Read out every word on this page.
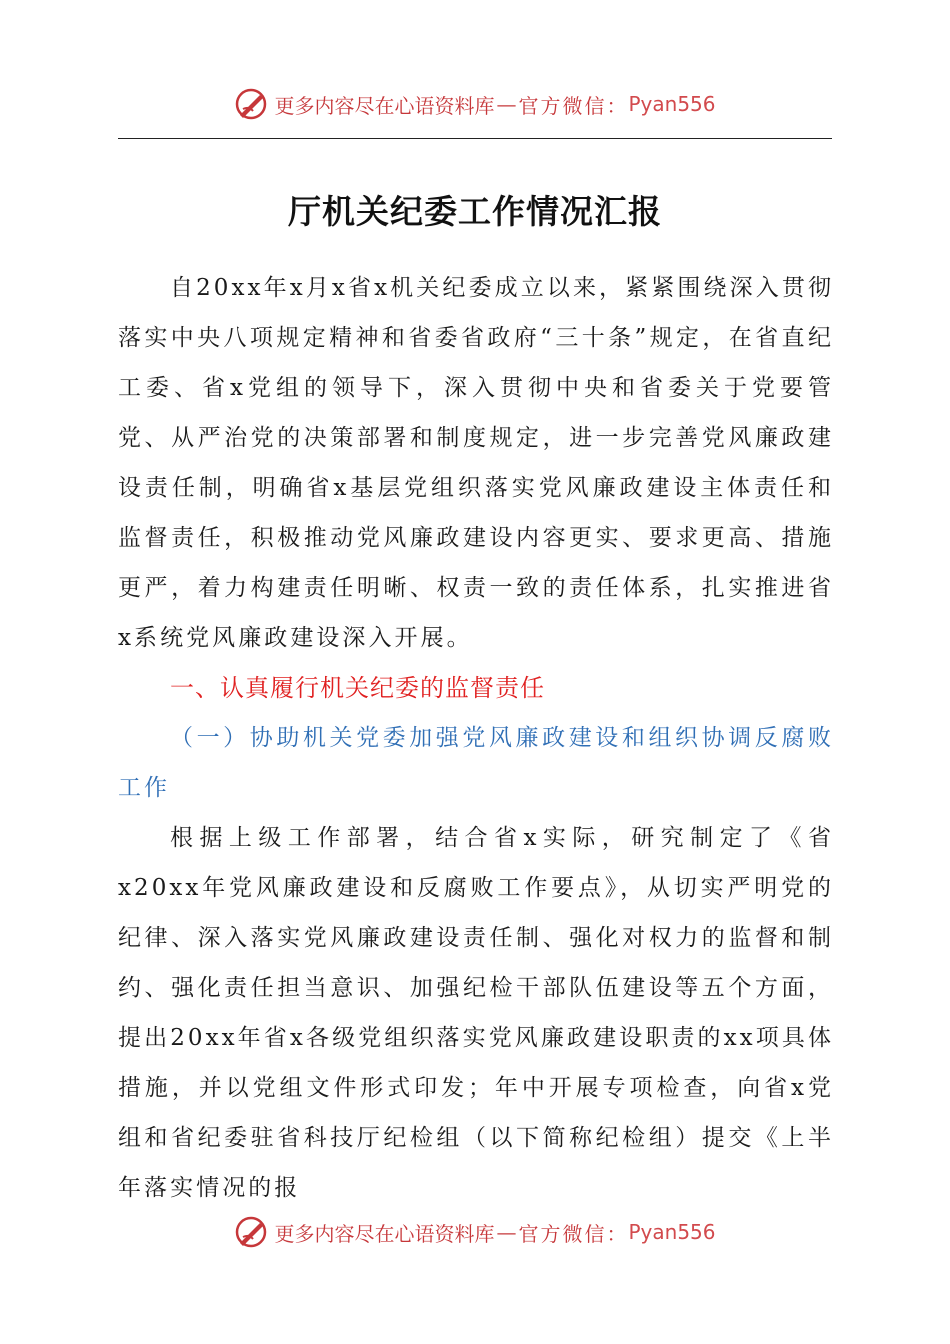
更多内容尽在心语资料库 — 官方微信： Pyan556
厅机关纪委工作情况汇报

自20xx年x月x省x机关纪委成立以来，紧紧围绕深入贯彻落实中央八项规定精神和省委省政府“三十条”规定，在省直纪工委、省x党组的领导下，深入贯彻中央和省委关于党要管党、从严治党的决策部署和制度规定，进一步完善党风廉政建设责任制，明确省x基层党组织落实党风廉政建设主体责任和监督责任，积极推动党风廉政建设内容更实、要求更高、措施更严，着力构建责任明晰、权责一致的责任体系，扎实推进省x系统党风廉政建设深入开展。

一、认真履行机关纪委的监督责任

（一）协助机关党委加强党风廉政建设和组织协调反腐败工作

根据上级工作部署，结合省x实际，研究制定了《省x20xx年党风廉政建设和反腐败工作要点》，从切实严明党的纪律、深入落实党风廉政建设责任制、强化对权力的监督和制约、强化责任担当意识、加强纪检干部队伍建设等五个方面，提出20xx年省x各级党组织落实党风廉政建设职责的xx项具体措施，并以党组文件形式印发；年中开展专项检查，向省x党组和省纪委驻省科技厅纪检组（以下简称纪检组）提交《上半年落实情况的报

更多内容尽在心语资料库 — 官方微信： Pyan556
